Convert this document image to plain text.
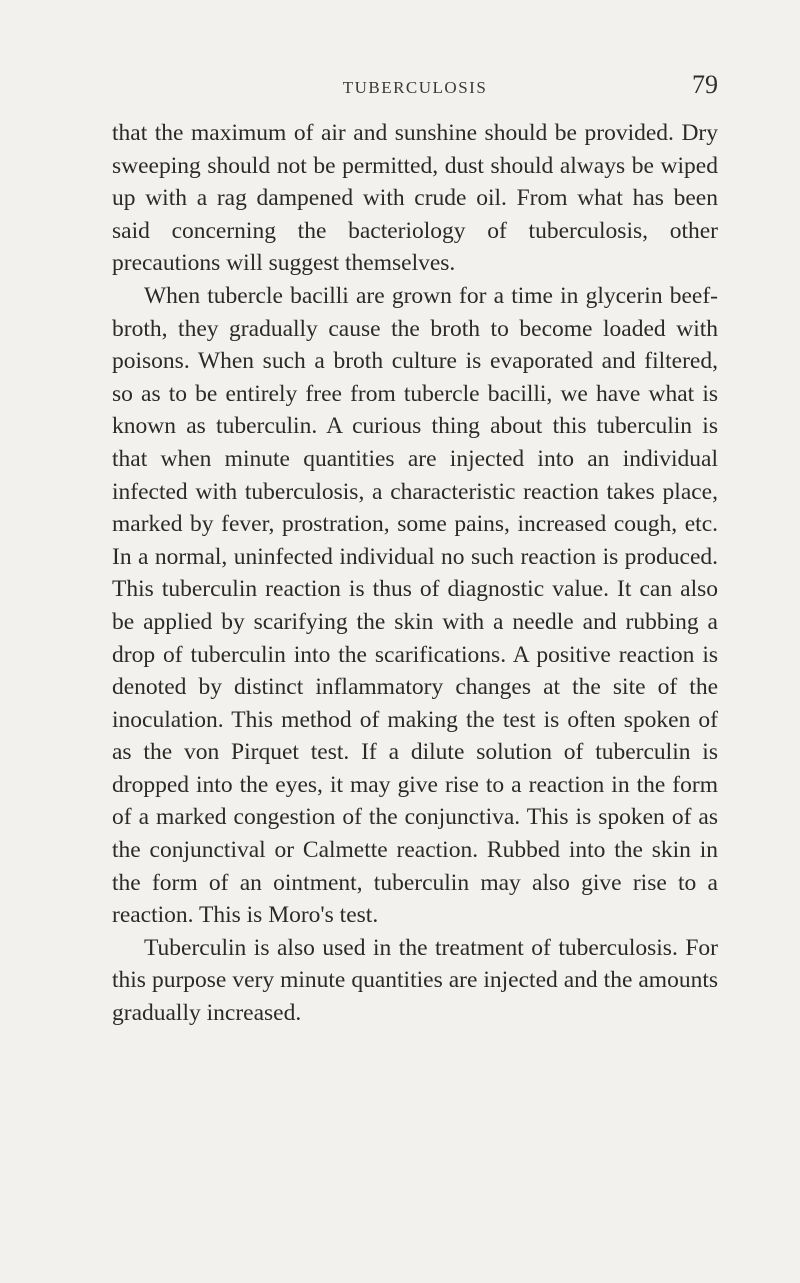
TUBERCULOSIS	79

that the maximum of air and sunshine should be provided. Dry sweeping should not be permitted, dust should always be wiped up with a rag dampened with crude oil. From what has been said concerning the bacteriology of tuberculosis, other precautions will suggest themselves.

When tubercle bacilli are grown for a time in glycerin beef-broth, they gradually cause the broth to become loaded with poisons. When such a broth culture is evaporated and filtered, so as to be entirely free from tubercle bacilli, we have what is known as tuberculin. A curious thing about this tuberculin is that when minute quantities are injected into an individual infected with tuberculosis, a characteristic reaction takes place, marked by fever, prostration, some pains, increased cough, etc. In a normal, uninfected individual no such reaction is produced. This tuberculin reaction is thus of diagnostic value. It can also be applied by scarifying the skin with a needle and rubbing a drop of tuberculin into the scarifications. A positive reaction is denoted by distinct inflammatory changes at the site of the inoculation. This method of making the test is often spoken of as the von Pirquet test. If a dilute solution of tuberculin is dropped into the eyes, it may give rise to a reaction in the form of a marked congestion of the conjunctiva. This is spoken of as the conjunctival or Calmette reaction. Rubbed into the skin in the form of an ointment, tuberculin may also give rise to a reaction. This is Moro's test.

Tuberculin is also used in the treatment of tuberculosis. For this purpose very minute quantities are injected and the amounts gradually increased.
